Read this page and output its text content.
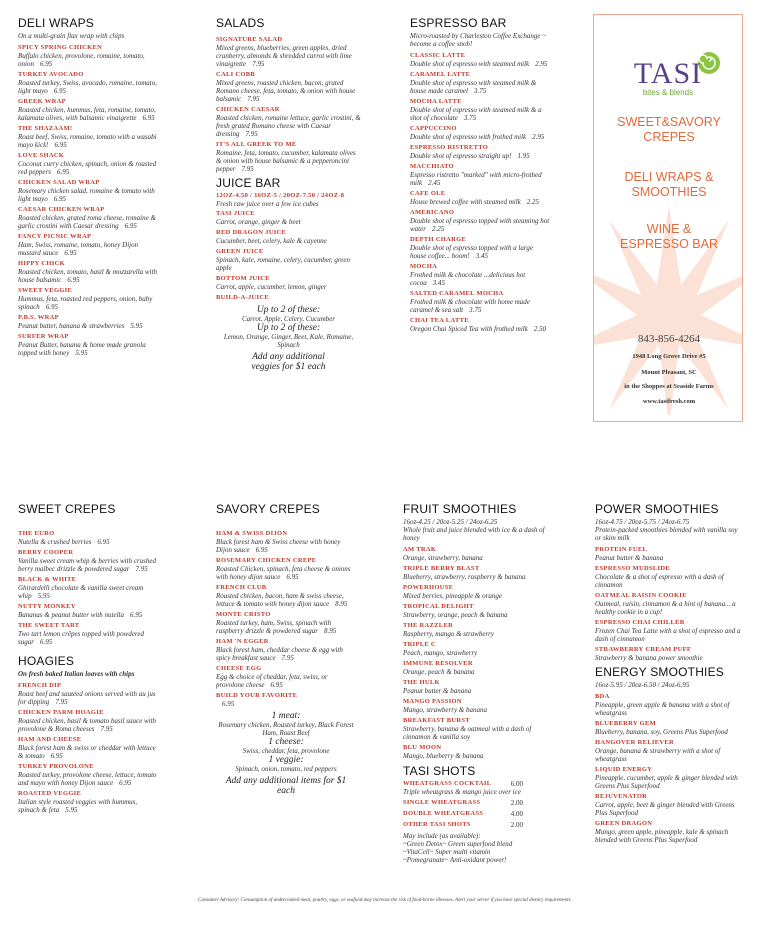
DELI WRAPS
On a multi-grain flax wrap with chips
SPICY SPRING CHICKEN
Buffalo chicken, provolone, romaine, tomato, onion 6.95
TURKEY AVOCADO
Roasted turkey, Swiss, avocado, romaine, tomato, light mayo 6.95
GREEK WRAP
Roasted chicken, hummus, feta, romaine, tomato, kalamata olives, with balsamic vinaigrette 6.95
THE SHAZAAM!
Roast beef, Swiss, romaine, tomato with a wasabi mayo kick! 6.95
LOVE SHACK
Coconut curry chicken, spinach, onion & roasted red peppers 6.95
CHICKEN SALAD WRAP
Rosemary chicken salad, romaine & tomato with light mayo 6.95
CAESAR CHICKEN WRAP
Roasted chicken, grated roma cheese, romaine & garlic crostini with Caesar dressing 6.95
FANCY PICNIC WRAP
Ham, Swiss, romaine, tomato, honey Dijon mustard sauce 6.95
HIPPY CHICK
Roasted chicken, tomato, basil & mozzarella with house balsamic 6.95
SWEET VEGGIE
Hummus, feta, roasted red peppers, onion, baby spinach 6.95
P.B.S. WRAP
Peanut butter, banana & strawberries 5.95
SURFER WRAP
Peanut Butter, banana & home made granola topped with honey 5.95
SALADS
SIGNATURE SALAD
Mixed greens, blueberries, green apples, dried cranberry, almonds & shredded carrot with lime vinaigrette 7.95
CALI COBB
Mixed greens, roasted chicken, bacon, grated Romano cheese, feta, tomato, & onion with house balsamic 7.95
CHICKEN CAESAR
Roasted chicken, romaine lettuce, garlic crostini, & fresh grated Romano cheese with Caesar dressing 7.95
IT'S ALL GREEK TO ME
Romaine, feta, tomato, cucumber, kalamata olives & onion with house balsamic & a pepperoncini pepper 7.95
JUICE BAR
12OZ-4.50 / 16OZ-5 / 20OZ-7.50 / 24OZ-8
Fresh raw juice over a few ice cubes
TASI JUICE
Carrot, orange, ginger & beet
RED DRAGON JUICE
Cucumber, beet, celery, kale & cayenne
GREEN JUICE
Spinach, kale, romaine, celery, cucumber, green apple
BOTTOM JUICE
Carrot, apple, cucumber, lemon, ginger
BUILD-A-JUICE
Up to 2 of these:
Carrot, Apple, Celery, Cucumber
Up to 2 of these:
Lemon, Orange, Ginger, Beet, Kale, Romaine, Spinach
Add any additional veggies for $1 each
ESPRESSO BAR
Micro-roasted by Charleston Coffee Exchange ~ become a coffee snob!
CLASSIC LATTE
Double shot of espresso with steamed milk 2.95
CARAMEL LATTE
Double shot of espresso with steamed milk & house made caramel 3.75
MOCHA LATTE
Double shot of espresso with steamed milk & a shot of chocolate 3.75
CAPPUCCINO
Double shot of espresso with frothed milk 2.95
ESPRESSO RISTRETTO
Double shot of espresso straight up! 1.95
MACCHIATO
Espresso ristretto "marked" with micro-frothed milk 2.45
CAFE OLE
House brewed coffee with steamed milk 2.25
AMERICANO
Double shot of espresso topped with steaming hot water 2.25
DEPTH CHARGE
Double shot of espresso topped with a large house coffee... boom! 3.45
MOCHA
Frothed milk & chocolate ...delicious hot cocoa 3.45
SALTED CARAMEL MOCHA
Frothed milk & chocolate with home made caramel & sea salt 3.75
CHAI TEA LATTE
Oregon Chai Spiced Tea with frothed milk 2.50
TASI
bites & blends
SWEET&SAVORY CREPES
DELI WRAPS & SMOOTHIES
WINE & ESPRESSO BAR
843-856-4264
1948 Long Grove Drive #5
Mount Pleasant, SC
in the Shoppes at Seaside Farms
www.tasifresh.com
SWEET CREPES
THE EURO
Nutella & crushed berries 6.95
BERRY COOPER
Vanilla sweet cream whip & berries with crushed berry malbec drizzle & powdered sugar 7.95
BLACK & WHITE
Ghirardelli chocolate & vanilla sweet cream whip 5.95
NUTTY MONKEY
Bananas & peanut butter with nutella 6.95
THE SWEET TART
Two tart lemon crêpes topped with powdered sugar 6.95
HOAGIES
On fresh baked Italian loaves with chips
FRENCH DIP
Roast beef and sautéed onions served with au jus for dipping 7.95
CHICKEN PARM HOAGIE
Roasted chicken, basil & tomato basil sauce with provolone & Roma cheeses 7.95
HAM AND CHEESE
Black forest ham & swiss or cheddar with lettuce & tomato 6.95
TURKEY PROVOLONE
Roasted turkey, provolone cheese, lettuce, tomato and mayo with honey Dijon sauce 6.95
ROASTED VEGGIE
Italian style roasted veggies with hummus, spinach & feta 5.95
SAVORY CREPES
HAM & SWISS DIJON
Black forest ham & Swiss cheese with honey Dijon sauce 6.95
ROSEMARY CHICKEN CREPE
Roasted Chicken, spinach, feta cheese & onions with honey dijon sauce 6.95
FRENCH CLUB
Roasted chicken, bacon, ham & swiss cheese, lettuce & tomato with honey dijon sauce 8.95
MONTE CRISTO
Roasted turkey, ham, Swiss, spinach with raspberry drizzle & powdered sugar 8.95
HAM 'N EGGER
Black forest ham, cheddar cheese & egg with spicy breakfast sauce 7.95
CHEESE EGG
Egg & choice of cheddar, feta, swiss, or provolone cheese 6.95
BUILD YOUR FAVORITE
6.95
1 meat:
Rosemary chicken, Roasted turkey, Black Forest Ham, Roast Beef
1 cheese:
Swiss, cheddar, feta, provolone
1 veggie:
Spinach, onion, tomato, red peppers
Add any additional items for $1 each
FRUIT SMOOTHIES
16oz-4.25 / 20oz-5.25 / 24oz-6.25
Whole fruit and juice blended with ice & a dash of honey
AM TRAK
Orange, strawberry, banana
TRIPLE BERRY BLAST
Blueberry, strawberry, raspberry & banana
POWERHOUSE
Mixed berries, pineapple & orange
TROPICAL DELIGHT
Strawberry, orange, peach & banana
THE RAZZLER
Raspberry, mango & strawberry
TRIPLE C
Peach, mango, strawberry
IMMUNE RESOLVER
Orange, peach & banana
THE HULK
Peanut butter & banana
MANGO PASSION
Mango, strawberry & banana
BREAKFAST BURST
Strawberry, banana & oatmeal with a dash of cinnamon & vanilla soy
BLU MOON
Mango, blueberry & banana
TASI SHOTS
WHEATGRASS COCKTAIL	6.00
Triple wheatgrass & mango juice over ice
SINGLE WHEATGRASS	2.00
DOUBLE WHEATGRASS	4.00
OTHER TASI SHOTS	2.00
May include (as available):
~Green Detox~ Green superfood blend
~VitaCell~ Super multi vitamin
~Pomegranate~ Anti-oxidant power!
POWER SMOOTHIES
16oz-4.75 / 20oz-5.75 / 24oz-6.75
Protein-packed smoothies blended with vanilla soy or skim milk
PROTEIN FUEL
Peanut butter & banana
ESPRESSO MUDSLIDE
Chocolate & a shot of espresso with a dash of cinnamon
OATMEAL RAISIN COOKIE
Oatmeal, raisin, cinnamon & a hint of banana... a healthy cookie in a cup!
ESPRESSO CHAI CHILLER
Frozen Chai Tea Latte with a shot of espresso and a dash of cinnamon
STRAWBERRY CREAM PUFF
Strawberry & banana power smoothie
ENERGY SMOOTHIES
16oz-5.95 / 20oz-6.50 / 24oz-6.95
BDA
Pineapple, green apple & banana with a shot of wheatgrass
BLUEBERRY GEM
Blueberry, banana, soy, Greens Plus Superfood
HANGOVER RELIEVER
Orange, banana & strawberry with a shot of wheatgrass
LIQUID ENERGY
Pineapple, cucumber, apple & ginger blended with Greens Plus Superfood
REJUVENATOR
Carrot, apple, beet & ginger blended with Greens Plus Superfood
GREEN DRAGON
Mango, green apple, pineapple, kale & spinach blended with Greens Plus Superfood
Consumer Advisory: Consumption of undercooked meat, poultry, eggs, or seafood may increase the risk of food-borne illnesses. Alert your server if you have special dietary requirements.
